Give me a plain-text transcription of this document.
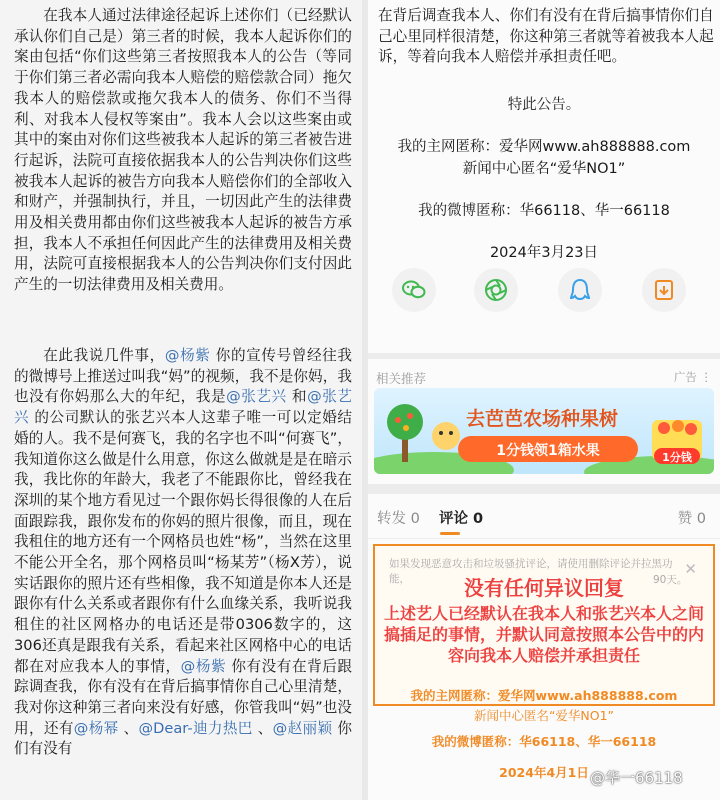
在我本人通过法律途径起诉上述你们（已经默认承认你们自己是）第三者的时候，我本人起诉你们的案由包括“你们这些第三者按照我本人的公告（等同于你们第三者必需向我本人赔偿的赔偿款合同）拖欠我本人的赔偿款或拖欠我本人的债务、你们不当得利、对我本人侵权等案由”。我本人会以这些案由或其中的案由对你们这些被我本人起诉的第三者被告进行起诉，法院可直接依据我本人的公告判决你们这些被我本人起诉的被告方向我本人赔偿你们的全部收入和财产，并强制执行，并且，一切因此产生的法律费用及相关费用都由你们这些被我本人起诉的被告方承担，我本人不承担任何因此产生的法律费用及相关费用，法院可直接根据我本人的公告判决你们支付因此产生的一切法律费用及相关费用。

在此我说几件事，@杨紫 你的宣传号曾经往我的微博号上推送过叫我“妈”的视频，我不是你妈，我也没有你妈那么大的年纪，我是@张艺兴 和@张艺兴 的公司默认的张艺兴本人这辈子唯一可以定婚结婚的人。我不是何赛飞，我的名字也不叫“何赛飞”，我知道你这么做是什么用意，你这么做就是是在暗示我，我比你的年龄大，我老了不能跟你比，曾经我在深圳的某个地方看见过一个跟你妈长得很像的人在后面跟踪我，跟你发布的你妈的照片很像，而且，现在我租住的地方还有一个网格员也姓“杨”，当然在这里不能公开全名，那个网格员叫“杨某芳”（杨X芳），说实话跟你的照片还有些相像，我不知道是你本人还是跟你有什么关系或者跟你有什么血缘关系，我听说我租住的社区网格办的电话还是带0306数字的，这306还真是跟我有关系，看起来社区网格中心的电话都在对应我本人的事情，@杨紫 你有没有在背后跟踪调查我，你有没有在背后搞事情你自己心里清楚，我对你这种第三者向来没有好感，你管我叫“妈”也没用，还有@杨幂 、@Dear-迪力热巴 、@赵丽颖 你们有没有

在背后调查我本人、你们有没有在背后搞事情你们自己心里同样很清楚，你这种第三者就等着被我本人起诉，等着向我本人赔偿并承担责任吧。

特此公告。

我的主网匿称：爱华网www.ah888888.com

新闻中心匿名“爱华NO1”

我的微博匿称：华66118、华一66118

2024年3月23日

相关推荐	广告 ⋮
去芭芭农场种果树
1分钱领1箱水果	1分钱
转发 0 评论 0	赞 0
如果发现恶意攻击和垃圾骚扰评论，请使用删除评论并拉黑功能，	90天。
✕
没有任何异议回复
上述艺人已经默认在我本人和张艺兴本人之间搞插足的事情，并默认同意按照本公告中的内容向我本人赔偿并承担责任

我的主网匿称：爱华网www.ah888888.com

新闻中心匿名“爱华NO1”

我的微博匿称：华66118、华一66118

2024年4月1日 @华一66118
